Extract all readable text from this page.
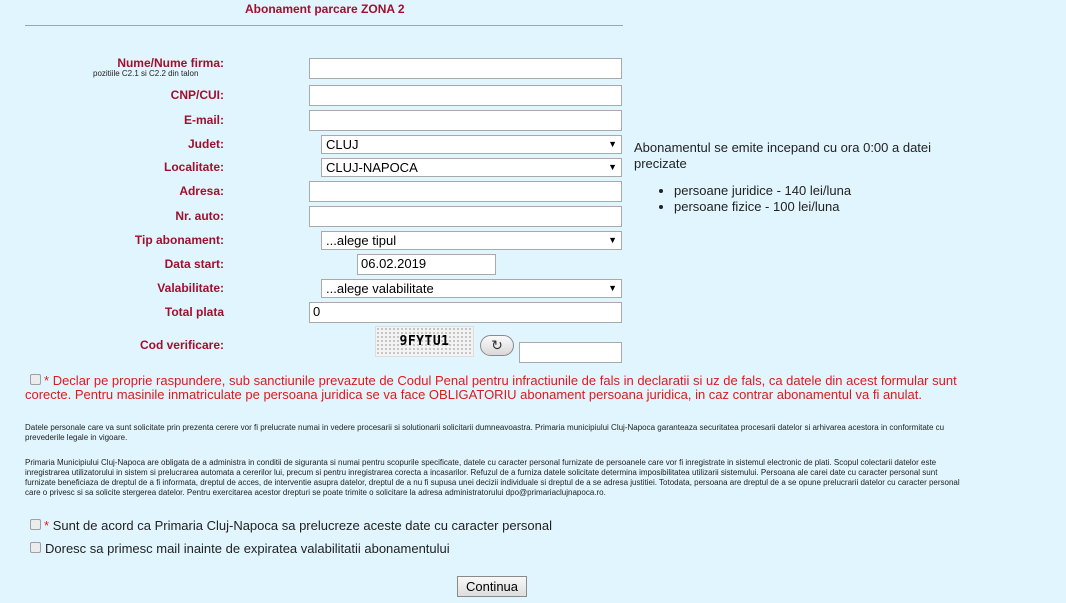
Abonament parcare ZONA 2
Nume/Nume firma:
pozitiile C2.1 si C2.2 din talon
CNP/CUI:
E-mail:
Judet:	CLUJ	▼
Localitate:	CLUJ-NAPOCA	▼
Adresa:
Nr. auto:
Tip abonament:	...alege tipul	▼
Data start:	06.02.2019
Valabilitate:	...alege valabilitate	▼
Total plata	0
Cod verificare:	9FYTU1	↻
Abonamentul se emite incepand cu ora 0:00 a datei precizate
• persoane juridice - 140 lei/luna
• persoane fizice - 100 lei/luna
* Declar pe proprie raspundere, sub sanctiunile prevazute de Codul Penal pentru infractiunile de fals in declaratii si uz de fals, ca datele din acest formular sunt corecte. Pentru masinile inmatriculate pe persoana juridica se va face OBLIGATORIU abonament persoana juridica, in caz contrar abonamentul va fi anulat.
Datele personale care va sunt solicitate prin prezenta cerere vor fi prelucrate numai in vedere procesarii si solutionarii solicitarii dumneavoastra. Primaria municipiului Cluj-Napoca garanteaza securitatea procesarii datelor si arhivarea acestora in conformitate cu prevederile legale in vigoare.
Primaria Municipiului Cluj-Napoca are obligata de a administra in conditii de siguranta si numai pentru scopurile specificate, datele cu caracter personal furnizate de persoanele care vor fi inregistrate in sistemul electronic de plati. Scopul colectarii datelor este inregistrarea utilizatorului in sistem si prelucrarea automata a cererilor lui, precum si pentru inregistrarea corecta a incasarilor. Refuzul de a furniza datele solicitate determina imposibilitatea utilizarii sistemului. Persoana ale carei date cu caracter personal sunt furnizate beneficiaza de dreptul de a fi informata, dreptul de acces, de interventie asupra datelor, dreptul de a nu fi supusa unei decizii individuale si dreptul de a se adresa justitiei. Totodata, persoana are dreptul de a se opune prelucrarii datelor cu caracter personal care o privesc si sa solicite stergerea datelor. Pentru exercitarea acestor drepturi se poate trimite o solicitare la adresa administratorului dpo@primariaclujnapoca.ro.
* Sunt de acord ca Primaria Cluj-Napoca sa prelucreze aceste date cu caracter personal
Doresc sa primesc mail inainte de expiratea valabilitatii abonamentului
Continua
